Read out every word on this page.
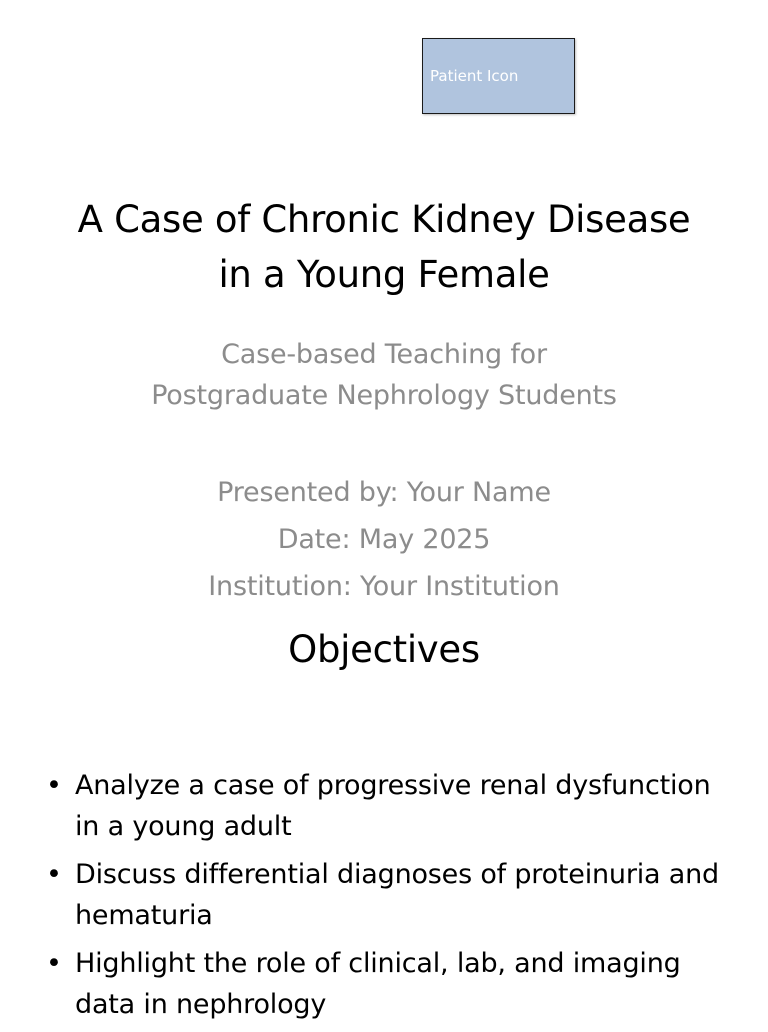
Patient Icon
A Case of Chronic Kidney Disease
in a Young Female
Case-based Teaching for
Postgraduate Nephrology Students
Presented by: Your Name
Date: May 2025
Institution: Your Institution
Objectives
• Analyze a case of progressive renal dysfunction in a young adult
• Discuss differential diagnoses of proteinuria and hematuria
• Highlight the role of clinical, lab, and imaging data in nephrology
